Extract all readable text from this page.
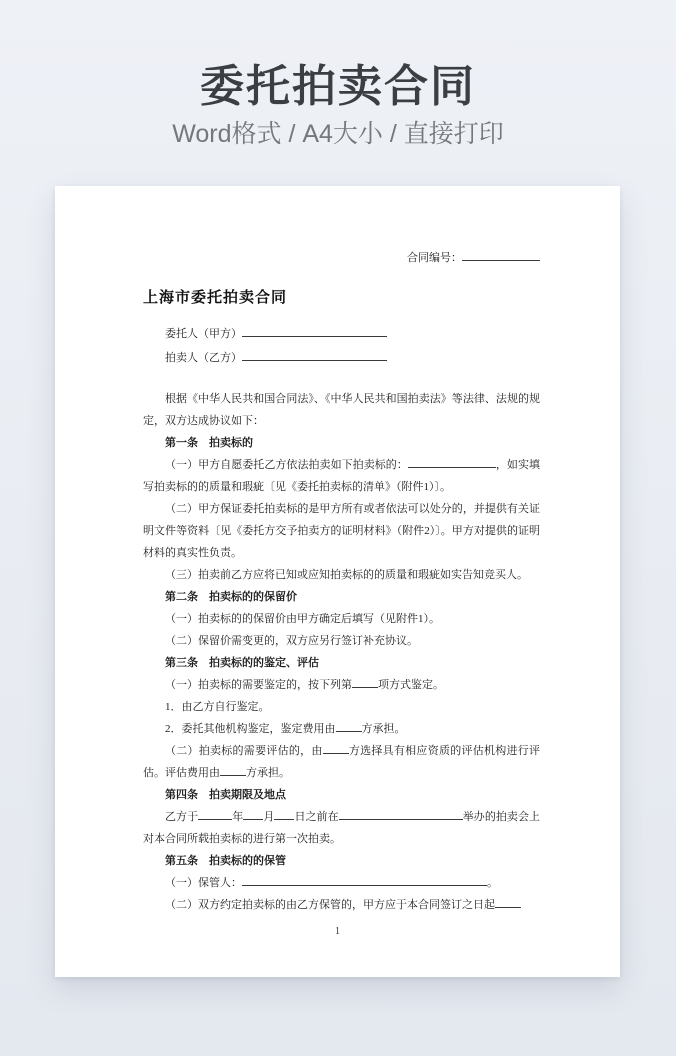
委托拍卖合同

Word格式 / A4大小 / 直接打印

合同编号：
上海市委托拍卖合同

委托人（甲方）

拍卖人（乙方）

根据《中华人民共和国合同法》、《中华人民共和国拍卖法》等法律、法规的规定，双方达成协议如下：

第一条　拍卖标的

（一）甲方自愿委托乙方依法拍卖如下拍卖标的：	，如实填写拍卖标的的质量和瑕疵〔见《委托拍卖标的清单》（附件1）〕。

（二）甲方保证委托拍卖标的是甲方所有或者依法可以处分的，并提供有关证明文件等资料〔见《委托方交予拍卖方的证明材料》（附件2）〕。甲方对提供的证明材料的真实性负责。

（三）拍卖前乙方应将已知或应知拍卖标的的质量和瑕疵如实告知竞买人。

第二条　拍卖标的的保留价

（一）拍卖标的的保留价由甲方确定后填写（见附件1）。

（二）保留价需变更的，双方应另行签订补充协议。

第三条　拍卖标的的鉴定、评估

（一）拍卖标的需要鉴定的，按下列第 项方式鉴定。

1．由乙方自行鉴定。

2．委托其他机构鉴定，鉴定费用由 方承担。

（二）拍卖标的需要评估的，由 方选择具有相应资质的评估机构进行评估。评估费用由 方承担。

第四条　拍卖期限及地点

乙方于	年 月 日之前在	举办的拍卖会上对本合同所载拍卖标的进行第一次拍卖。

第五条　拍卖标的的保管

（一）保管人：	。

（二）双方约定拍卖标的由乙方保管的，甲方应于本合同签订之日起

1
